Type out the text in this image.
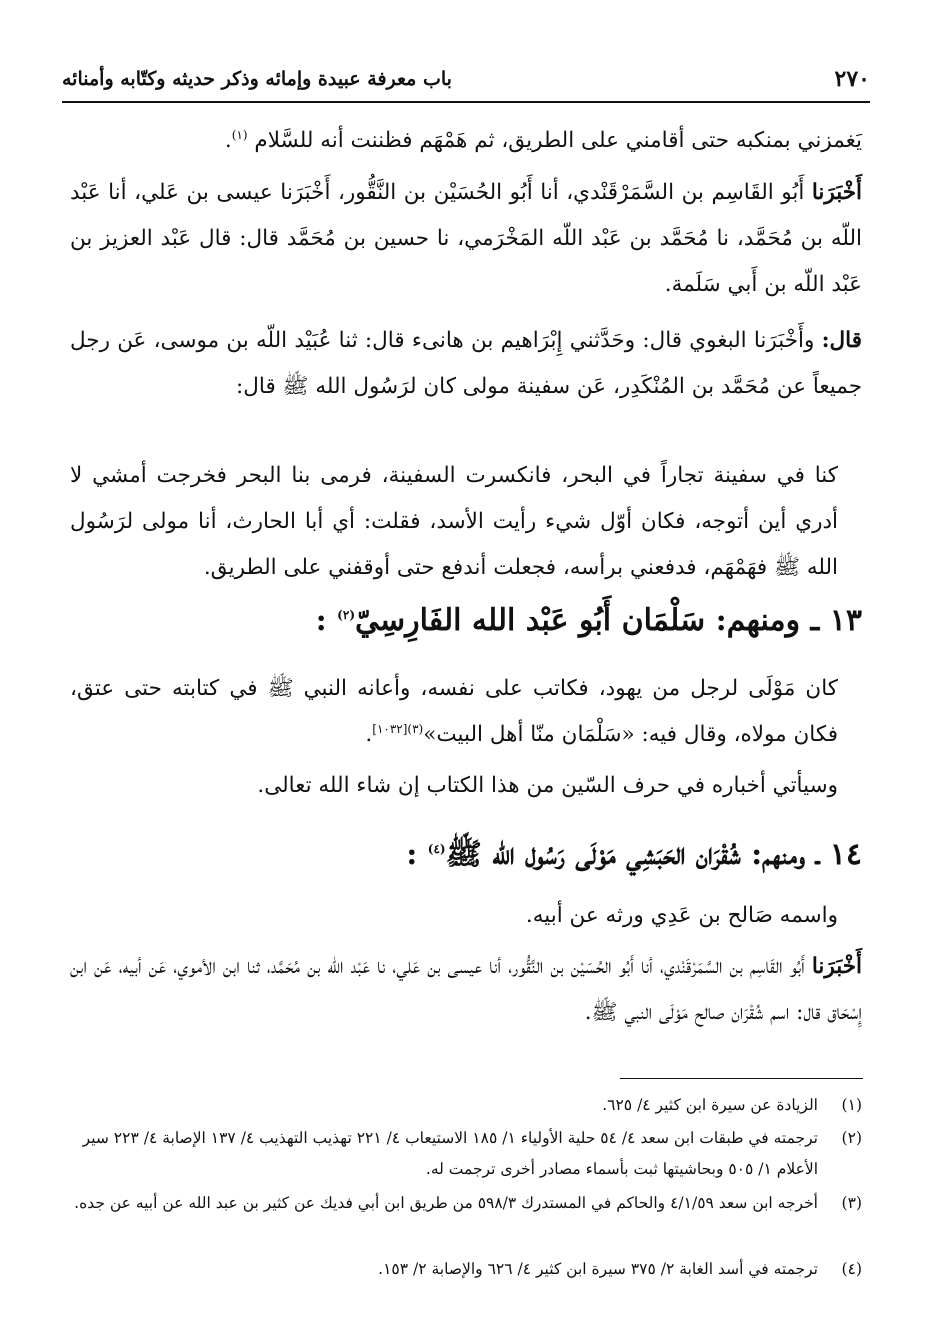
٢٧٠
باب معرفة عبيدة وإمائه وذكر حديثه وكتّابه وأمنائه

يَغمزني بمنكبه حتى أقامني على الطريق، ثم هَمْهَم فظننت أنه للسَّلام $^{(١)}$.

أَخْبَرَنا أَبُو القَاسِم بن السَّمَرْقَنْدي، أنا أَبُو الحُسَيْن بن النَّقُّور، أَخْبَرَنا عيسى بن عَلي، أنا عَبْد اللّه بن مُحَمَّد، نا مُحَمَّد بن عَبْد اللّه المَخْرَمي، نا حسين بن مُحَمَّد قال: قال عَبْد العزيز بن عَبْد اللّه بن أَبي سَلَمة.

قال: وأَخْبَرَنا البغوي قال: وحَدَّثني إِبْرَاهيم بن هانىء قال: ثنا عُبَيْد اللّه بن موسى، عَن رجل جميعاً عن مُحَمَّد بن المُنْكَدِر، عَن سفينة مولى كان لرَسُول الله ﷺ قال:

كنا في سفينة تجاراً في البحر، فانكسرت السفينة، فرمى بنا البحر فخرجت أمشي لا أدري أين أتوجه، فكان أوّل شيء رأيت الأسد، فقلت: أي أبا الحارث، أنا مولى لرَسُول الله ﷺ فهَمْهَم، فدفعني برأسه، فجعلت أندفع حتى أوقفني على الطريق.

١٣ ـ ومنهم: سَلْمَان أَبُو عَبْد الله الفَارِسِيّ$^{(٢)}$ :

كان مَوْلَى لرجل من يهود، فكاتب على نفسه، وأعانه النبي ﷺ في كتابته حتى عتق، فكان مولاه، وقال فيه: «سَلْمَان منّا أهل البيت»$^{(٣)[١٠٣٢]}$.

وسيأتي أخباره في حرف السّين من هذا الكتاب إن شاء الله تعالى.

١٤ ـ ومنهم: شُقْرَان الحَبَشِي مَوْلَى رَسُول الله ﷺ$^{(٤)}$ :

واسمه صَالح بن عَدِي ورثه عن أبيه.

أَخْبَرَنا أَبُو القَاسِم بن السَّمَرْقَنْدي، أنا أَبُو الحُسَيْن بن النَّقُّور، أنا عيسى بن عَلي، نا عَبْد اللّه بن مُحَمَّد، ثنا ابن الأموي، عَن أبيه، عَن ابن إِسْحَاق قال: اسم شُقْرَان صالح مَوْلَى النبي ﷺ.

(١)
الزيادة عن سيرة ابن كثير ٤/ ٦٢٥.
(٢)
ترجمته في طبقات ابن سعد ٤/ ٥٤ حلية الأولياء ١/ ١٨٥ الاستيعاب ٤/ ٢٢١ تهذيب التهذيب ٤/ ١٣٧ الإصابة ٤/ ٢٢٣ سير الأعلام ١/ ٥٠٥ وبحاشيتها ثبت بأسماء مصادر أخرى ترجمت له.
(٣)
أخرجه ابن سعد ٤/١/٥٩ والحاكم في المستدرك ٥٩٨/٣ من طريق ابن أبي فديك عن كثير بن عبد الله عن أبيه عن جده.
(٤)
ترجمته في أسد الغابة ٢/ ٣٧٥ سيرة ابن كثير ٤/ ٦٢٦ والإصابة ٢/ ١٥٣.
